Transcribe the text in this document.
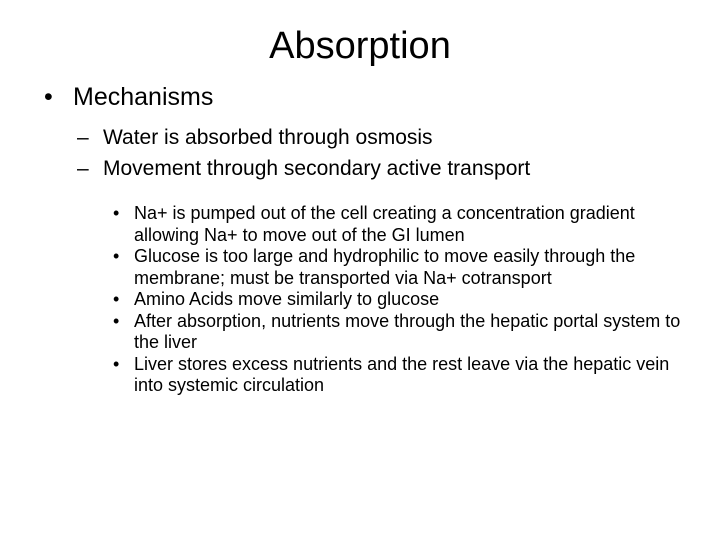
Absorption
• Mechanisms
– Water is absorbed through osmosis
– Movement through secondary active transport
• Na+ is pumped out of the cell creating a concentration gradient allowing Na+ to move out of the GI lumen
• Glucose is too large and hydrophilic to move easily through the membrane; must be transported via Na+ cotransport
• Amino Acids move similarly to glucose
• After absorption, nutrients move through the hepatic portal system to the liver
• Liver stores excess nutrients and the rest leave via the hepatic vein into systemic circulation
